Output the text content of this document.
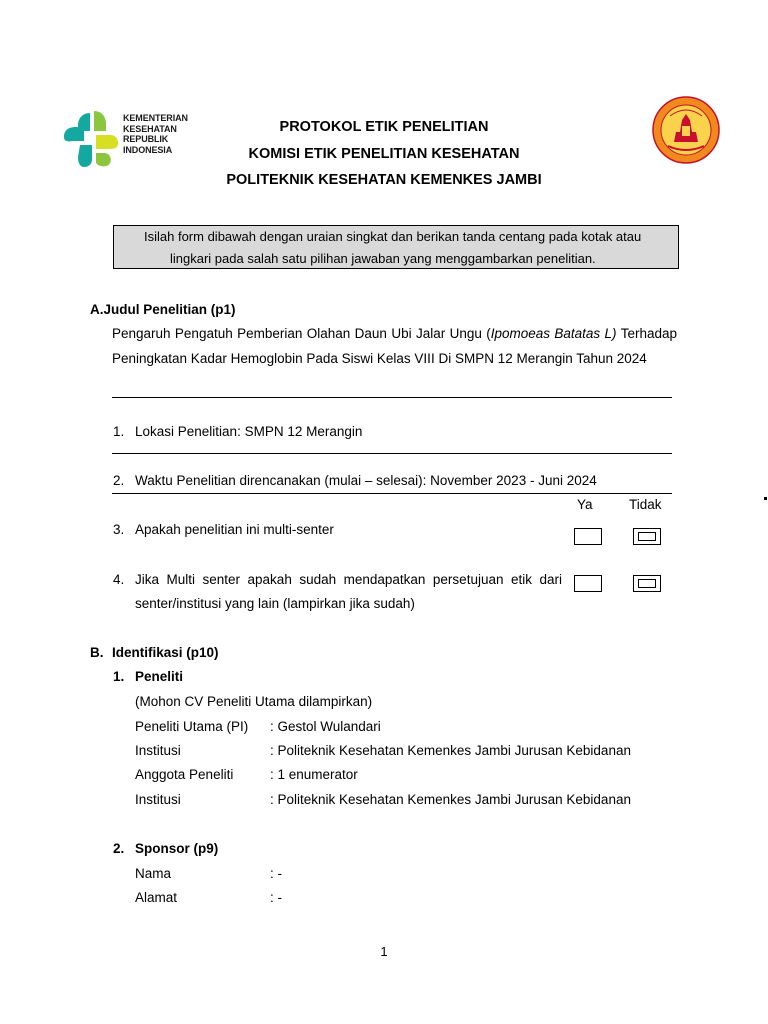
KEMENTERIAN
KESEHATAN
REPUBLIK
INDONESIA
PROTOKOL ETIK PENELITIAN
KOMISI ETIK PENELITIAN KESEHATAN
POLITEKNIK KESEHATAN KEMENKES JAMBI
Isilah form dibawah dengan uraian singkat dan berikan tanda centang pada kotak atau
lingkari pada salah satu pilihan jawaban yang menggambarkan penelitian.
A.Judul Penelitian (p1)
Pengaruh Pengatuh Pemberian Olahan Daun Ubi Jalar Ungu (Ipomoeas Batatas L) Terhadap Peningkatan Kadar Hemoglobin Pada Siswi Kelas VIII Di SMPN 12 Merangin Tahun 2024
1. Lokasi Penelitian: SMPN 12 Merangin
2. Waktu Penelitian direncanakan (mulai – selesai): November 2023 - Juni 2024
Ya	Tidak
3. Apakah penelitian ini multi-senter
4. Jika Multi senter apakah sudah mendapatkan persetujuan etik dari
senter/institusi yang lain (lampirkan jika sudah)
B. Identifikasi (p10)
1. Peneliti
(Mohon CV Peneliti Utama dilampirkan)
Peneliti Utama (PI) : Gestol Wulandari
Institusi	: Politeknik Kesehatan Kemenkes Jambi Jurusan Kebidanan
Anggota Peneliti	: 1 enumerator
Institusi	: Politeknik Kesehatan Kemenkes Jambi Jurusan Kebidanan
2. Sponsor (p9)
Nama	: -
Alamat	: -
1
